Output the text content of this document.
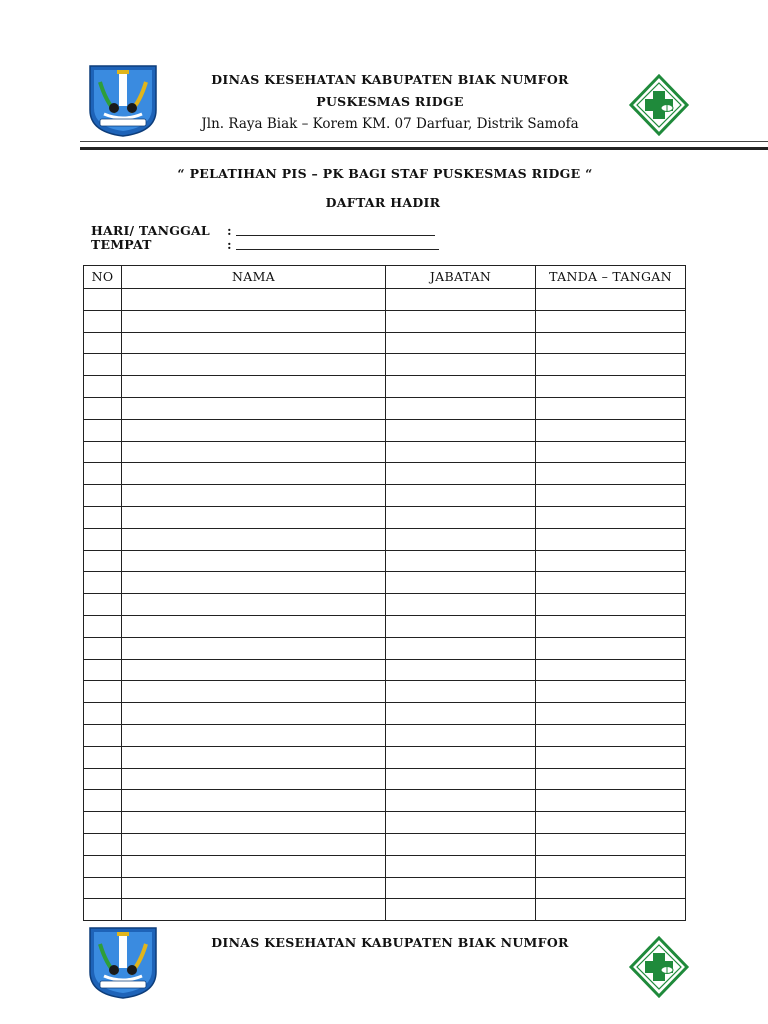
DINAS KESEHATAN KABUPATEN BIAK NUMFOR
PUSKESMAS RIDGE
Jln. Raya Biak – Korem KM. 07 Darfuar, Distrik Samofa
“ PELATIHAN PIS – PK BAGI STAF PUSKESMAS RIDGE “
DAFTAR HADIR
HARI/ TANGGAL :
TEMPAT	:
NO	NAMA	JABATAN	TANDA – TANGAN

DINAS KESEHATAN KABUPATEN BIAK NUMFOR
